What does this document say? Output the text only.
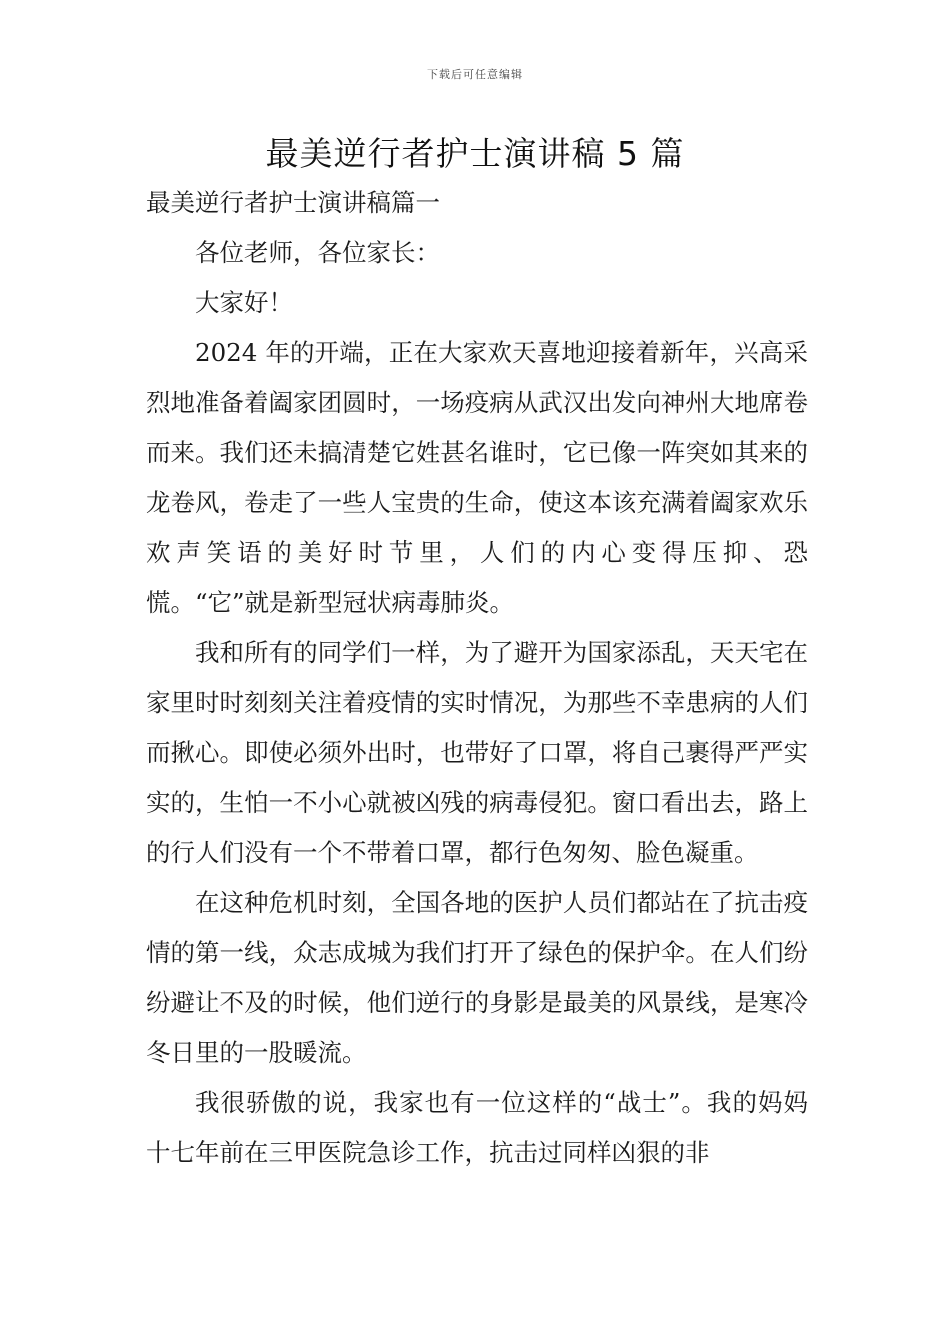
下载后可任意编辑
最美逆行者护士演讲稿 5 篇

最美逆行者护士演讲稿篇一

各位老师，各位家长：

大家好！

2024 年的开端，正在大家欢天喜地迎接着新年，兴高采烈地准备着阖家团圆时，一场疫病从武汉出发向神州大地席卷而来。我们还未搞清楚它姓甚名谁时，它已像一阵突如其来的龙卷风，卷走了一些人宝贵的生命，使这本该充满着阖家欢乐欢声笑语的美好时节里，人们的内心变得压抑、恐慌。“它”就是新型冠状病毒肺炎。

我和所有的同学们一样，为了避开为国家添乱，天天宅在家里时时刻刻关注着疫情的实时情况，为那些不幸患病的人们而揪心。即使必须外出时，也带好了口罩，将自己裹得严严实实的，生怕一不小心就被凶残的病毒侵犯。窗口看出去，路上的行人们没有一个不带着口罩，都行色匆匆、脸色凝重。

在这种危机时刻，全国各地的医护人员们都站在了抗击疫情的第一线，众志成城为我们打开了绿色的保护伞。在人们纷纷避让不及的时候，他们逆行的身影是最美的风景线，是寒冷冬日里的一股暖流。

我很骄傲的说，我家也有一位这样的“战士”。我的妈妈十七年前在三甲医院急诊工作，抗击过同样凶狠的非
